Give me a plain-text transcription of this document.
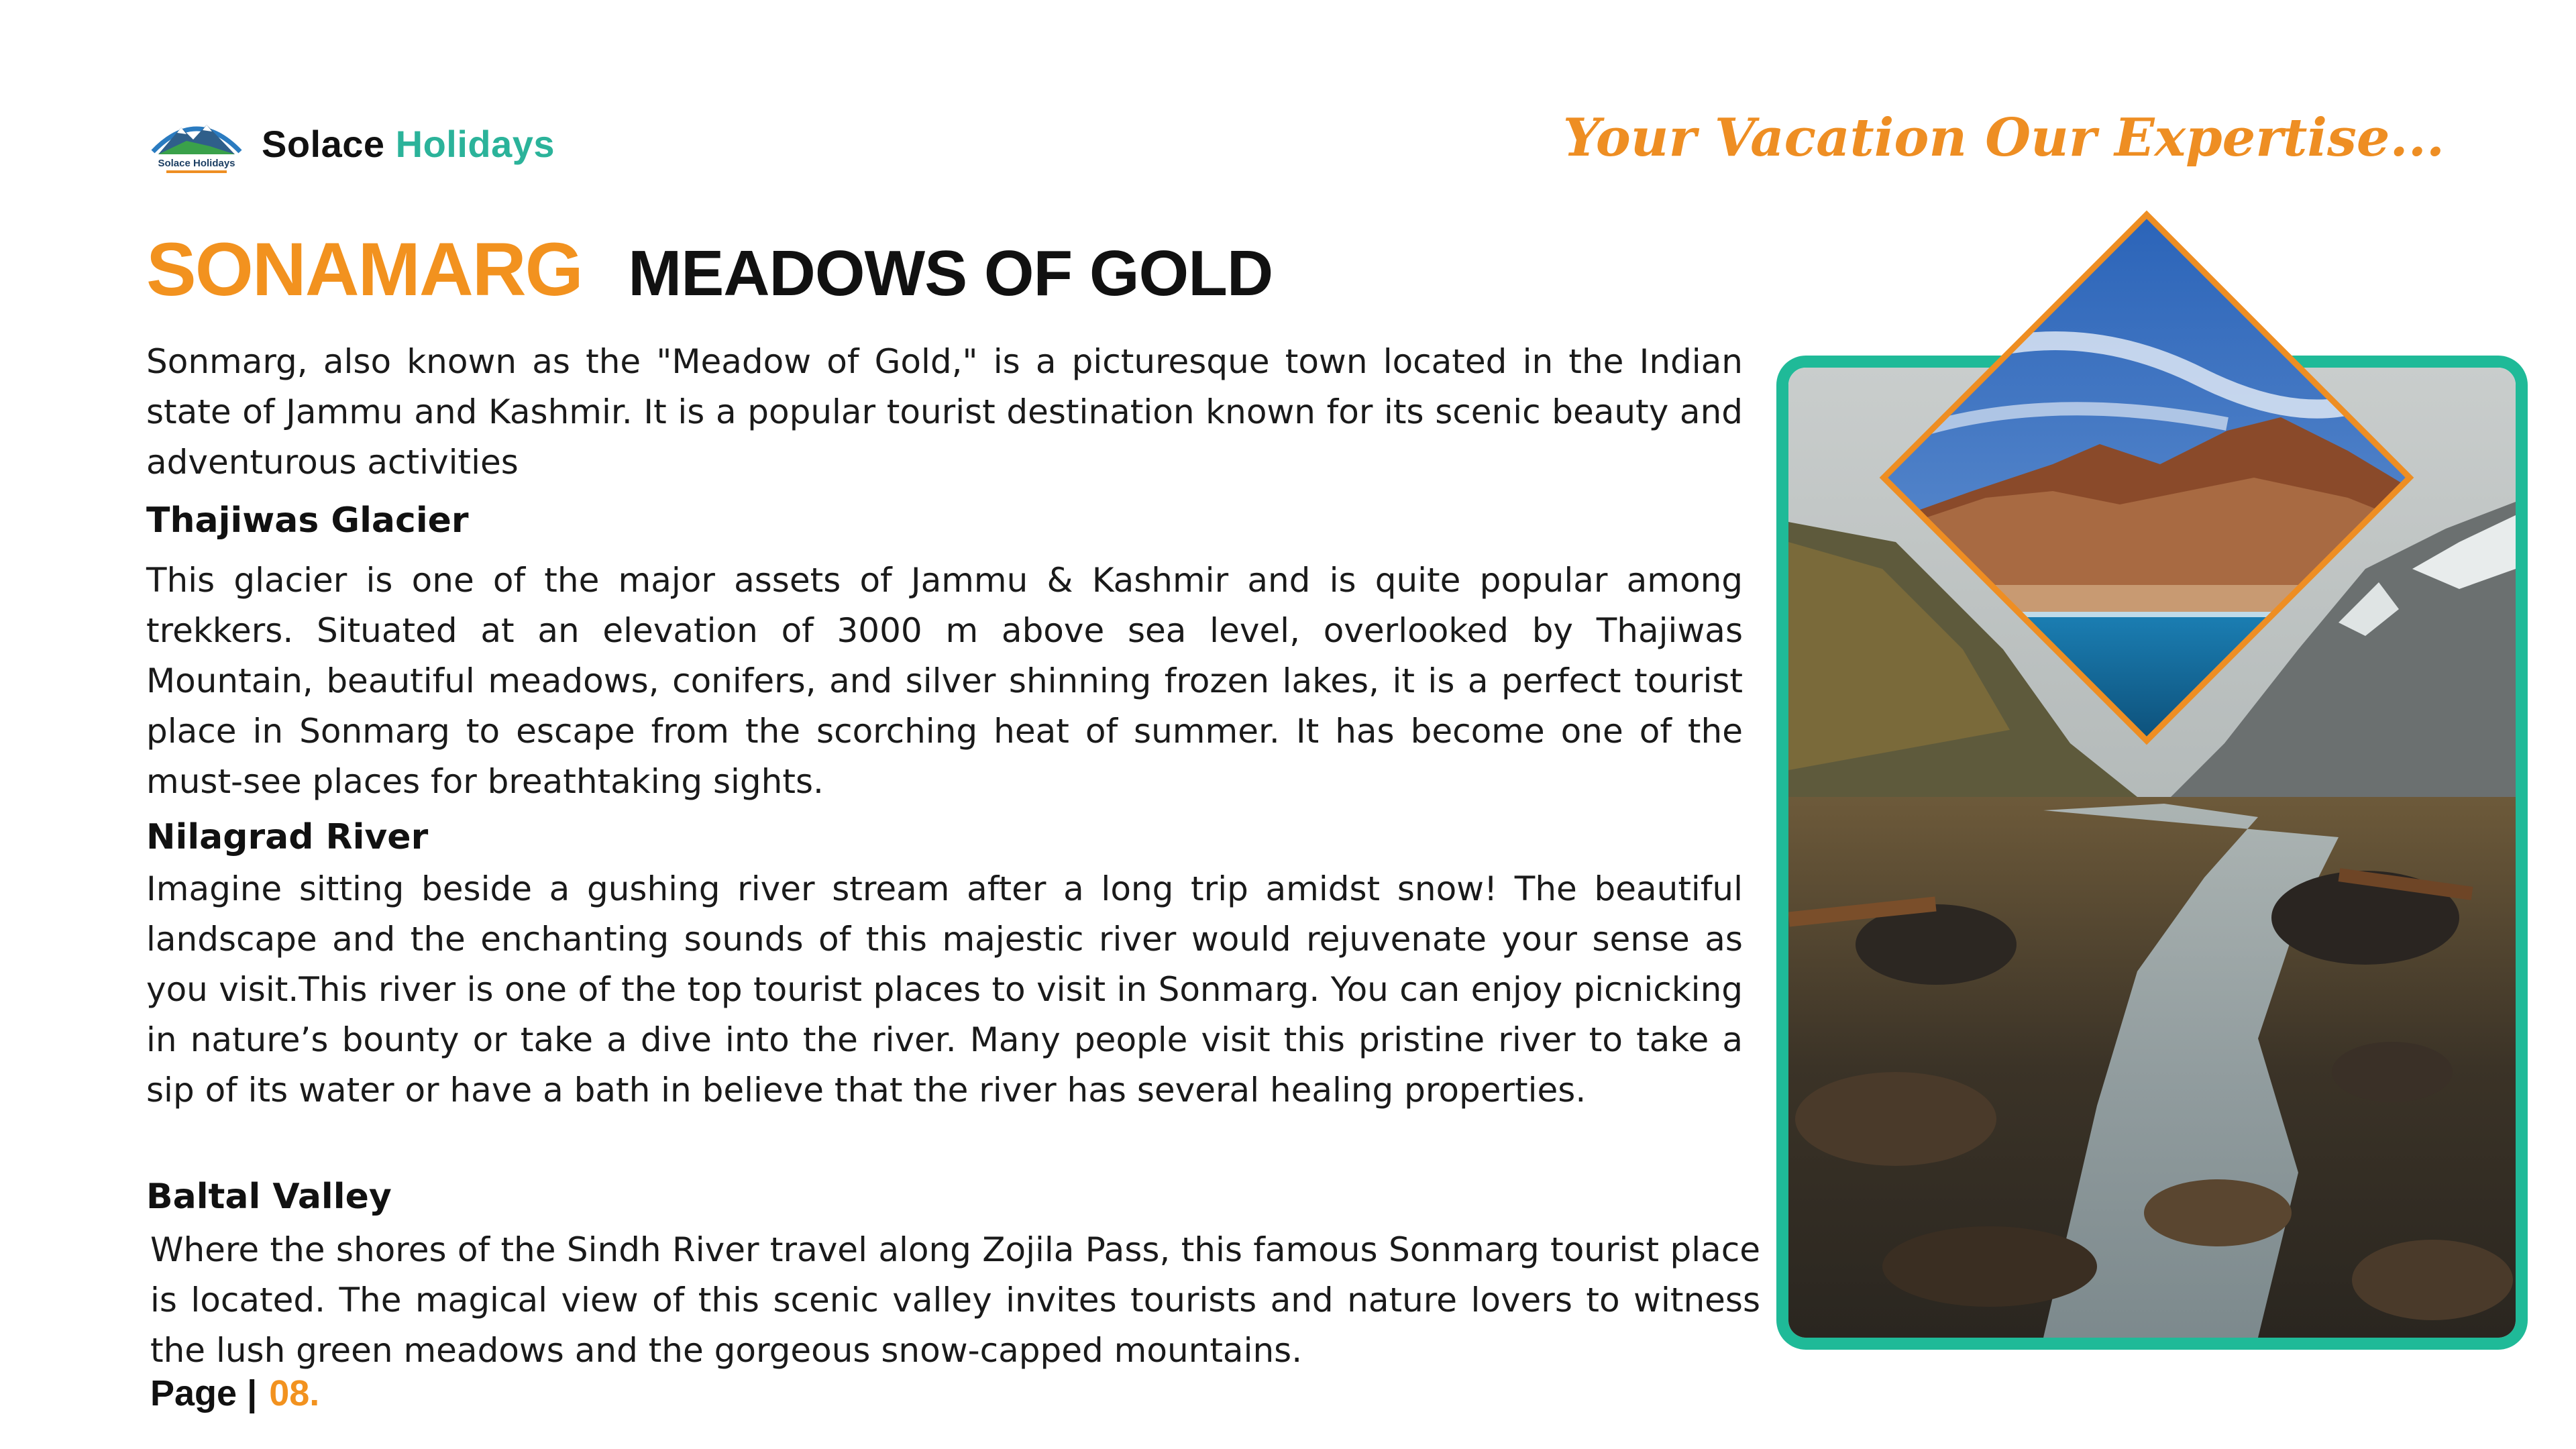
Solace Holidays Solace Holidays	Your Vacation Our Expertise...
SONAMARG MEADOWS OF GOLD
Sonmarg, also known as the "Meadow of Gold," is a picturesque town located in the Indian state of Jammu and Kashmir. It is a popular tourist destination known for its scenic beauty and adventurous activities
Thajiwas Glacier
This glacier is one of the major assets of Jammu & Kashmir and is quite popular among trekkers. Situated at an elevation of 3000 m above sea level, overlooked by Thajiwas Mountain, beautiful meadows, conifers, and silver shinning frozen lakes, it is a perfect tourist place in Sonmarg to escape from the scorching heat of summer. It has become one of the must-see places for breathtaking sights.
Nilagrad River
Imagine sitting beside a gushing river stream after a long trip amidst snow! The beautiful landscape and the enchanting sounds of this majestic river would rejuvenate your sense as you visit.This river is one of the top tourist places to visit in Sonmarg. You can enjoy picnicking in nature’s bounty or take a dive into the river. Many people visit this pristine river to take a sip of its water or have a bath in believe that the river has several healing properties.
Baltal Valley
Where the shores of the Sindh River travel along Zojila Pass, this famous Sonmarg tourist place is located. The magical view of this scenic valley invites tourists and nature lovers to witness the lush green meadows and the gorgeous snow-capped mountains.
Page | 08.
